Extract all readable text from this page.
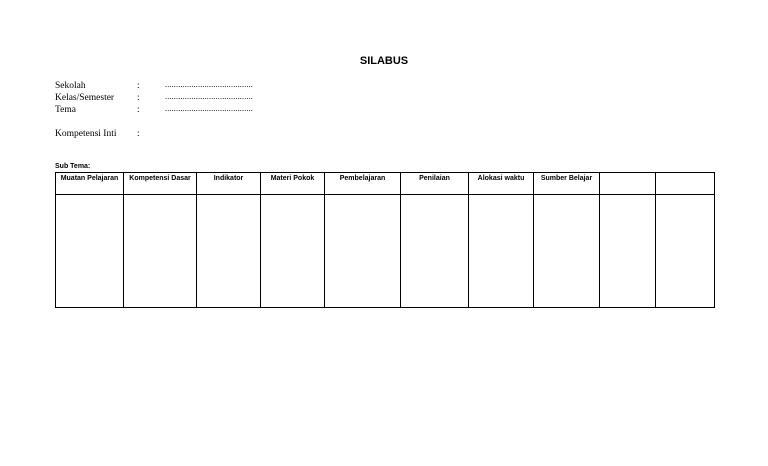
SILABUS
Sekolah	:	........................................
Kelas/Semester :	........................................
Tema	:	........................................
Kompetensi Inti :
Sub Tema:
Muatan Pelajaran	Kompetensi Dasar	Indikator	Materi Pokok	Pembelajaran	Penilaian	Alokasi waktu	Sumber Belajar		
